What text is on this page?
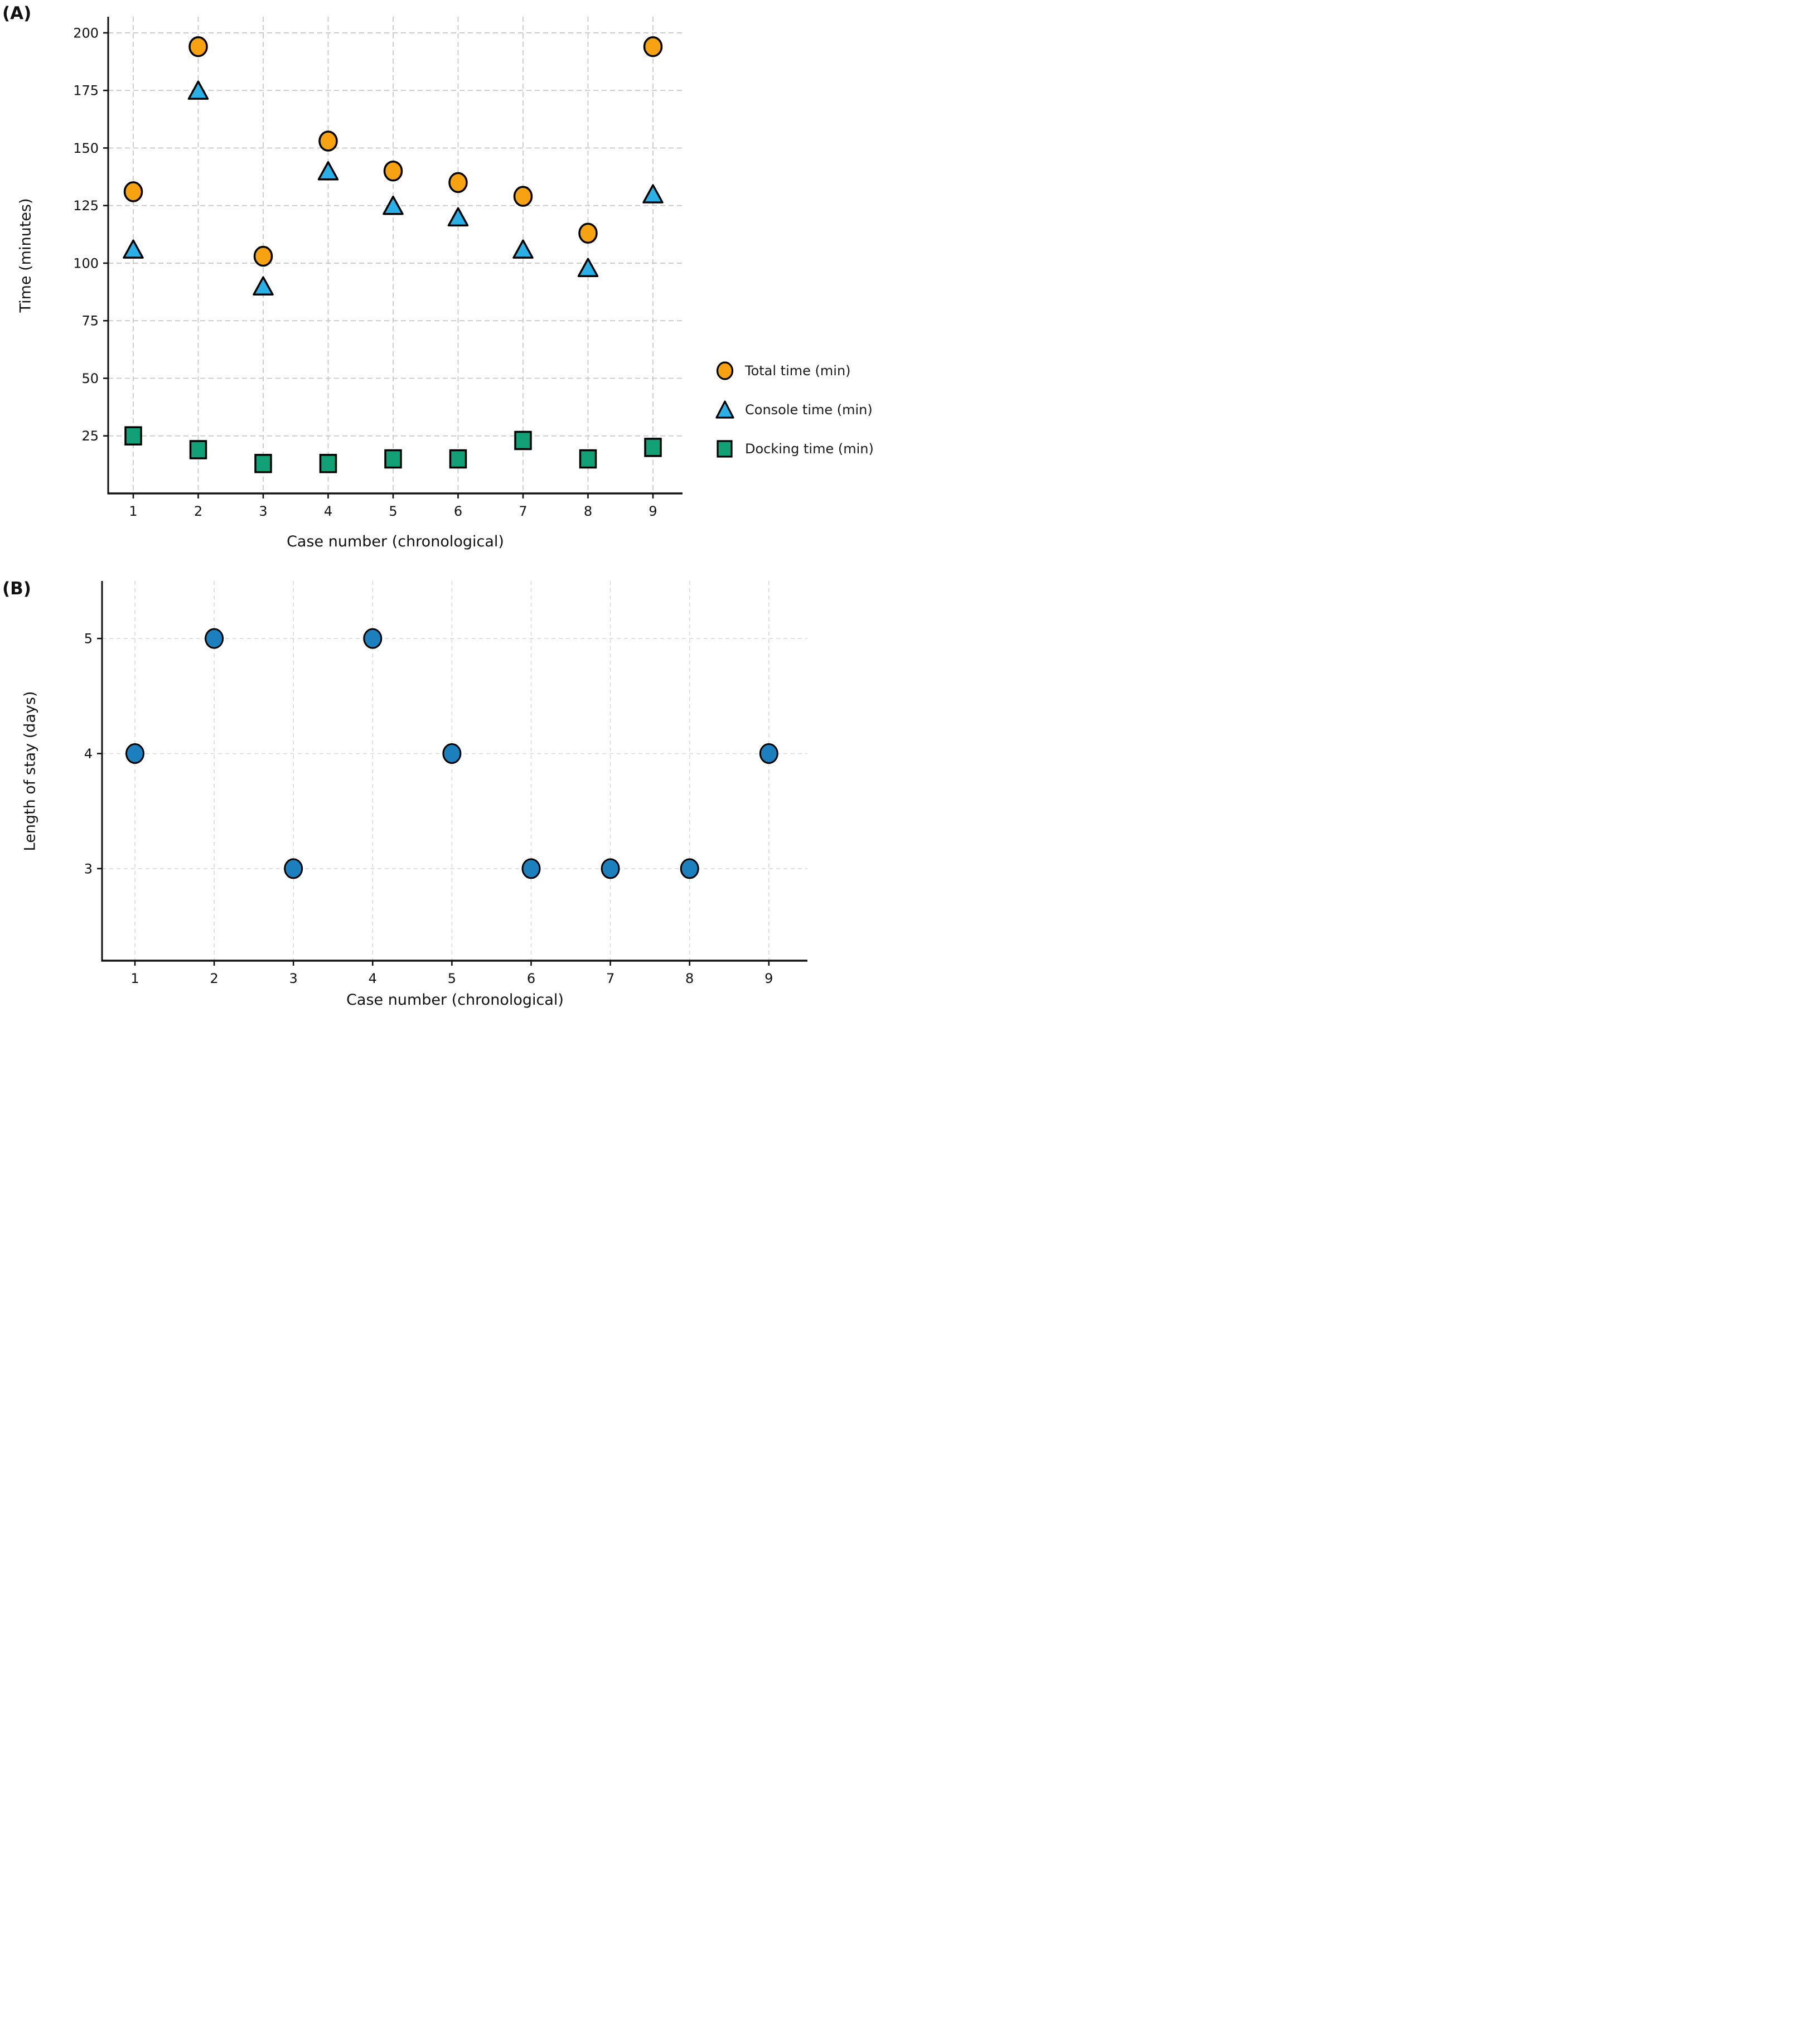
(A)
(B)
25
50
75
100
125
150
175
200
1	2	3	4	5	6	7	8	9
3
4
5
1	2	3	4	5	6	7	8	9
Time (minutes)
Case number (chronological)
Total time (min)
Console time (min)
Docking time (min)
Length of stay (days)
Case number (chronological)
